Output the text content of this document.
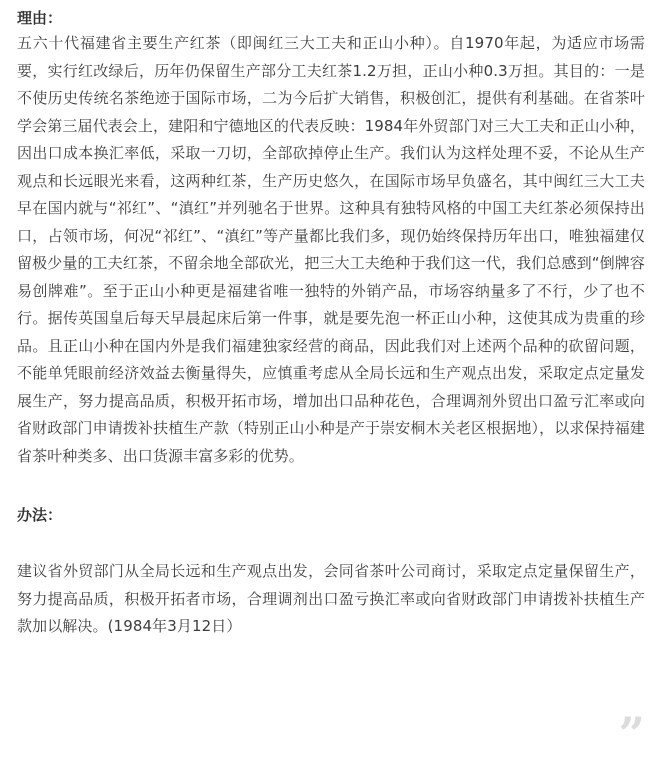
理由：

五六十代福建省主要生产红茶（即闽红三大工夫和正山小种）。自1970年起，为适应市场需要，实行红改绿后，历年仍保留生产部分工夫红茶1.2万担，正山小种0.3万担。其目的：一是不使历史传统名茶绝迹于国际市场，二为今后扩大销售，积极创汇，提供有利基础。在省茶叶学会第三届代表会上，建阳和宁德地区的代表反映：1984年外贸部门对三大工夫和正山小种，因出口成本换汇率低，采取一刀切，全部砍掉停止生产。我们认为这样处理不妥，不论从生产观点和长远眼光来看，这两种红茶，生产历史悠久，在国际市场早负盛名，其中闽红三大工夫早在国内就与“祁红”、“滇红”并列驰名于世界。这种具有独特风格的中国工夫红茶必须保持出口，占领市场，何况“祁红”、“滇红”等产量都比我们多，现仍始终保持历年出口，唯独福建仅留极少量的工夫红茶，不留余地全部砍光，把三大工夫绝种于我们这一代，我们总感到“倒牌容易创牌难”。至于正山小种更是福建省唯一独特的外销产品，市场容纳量多了不行，少了也不行。据传英国皇后每天早晨起床后第一件事，就是要先泡一杯正山小种，这使其成为贵重的珍品。且正山小种在国内外是我们福建独家经营的商品，因此我们对上述两个品种的砍留问题，不能单凭眼前经济效益去衡量得失，应慎重考虑从全局长远和生产观点出发，采取定点定量发展生产，努力提高品质，积极开拓市场，增加出口品种花色，合理调剂外贸出口盈亏汇率或向省财政部门申请拨补扶植生产款（特别正山小种是产于崇安桐木关老区根据地），以求保持福建省茶叶种类多、出口货源丰富多彩的优势。

办法：

建议省外贸部门从全局长远和生产观点出发，会同省茶叶公司商讨，采取定点定量保留生产，努力提高品质，积极开拓者市场，合理调剂出口盈亏换汇率或向省财政部门申请拨补扶植生产款加以解决。(1984年3月12日）

”
